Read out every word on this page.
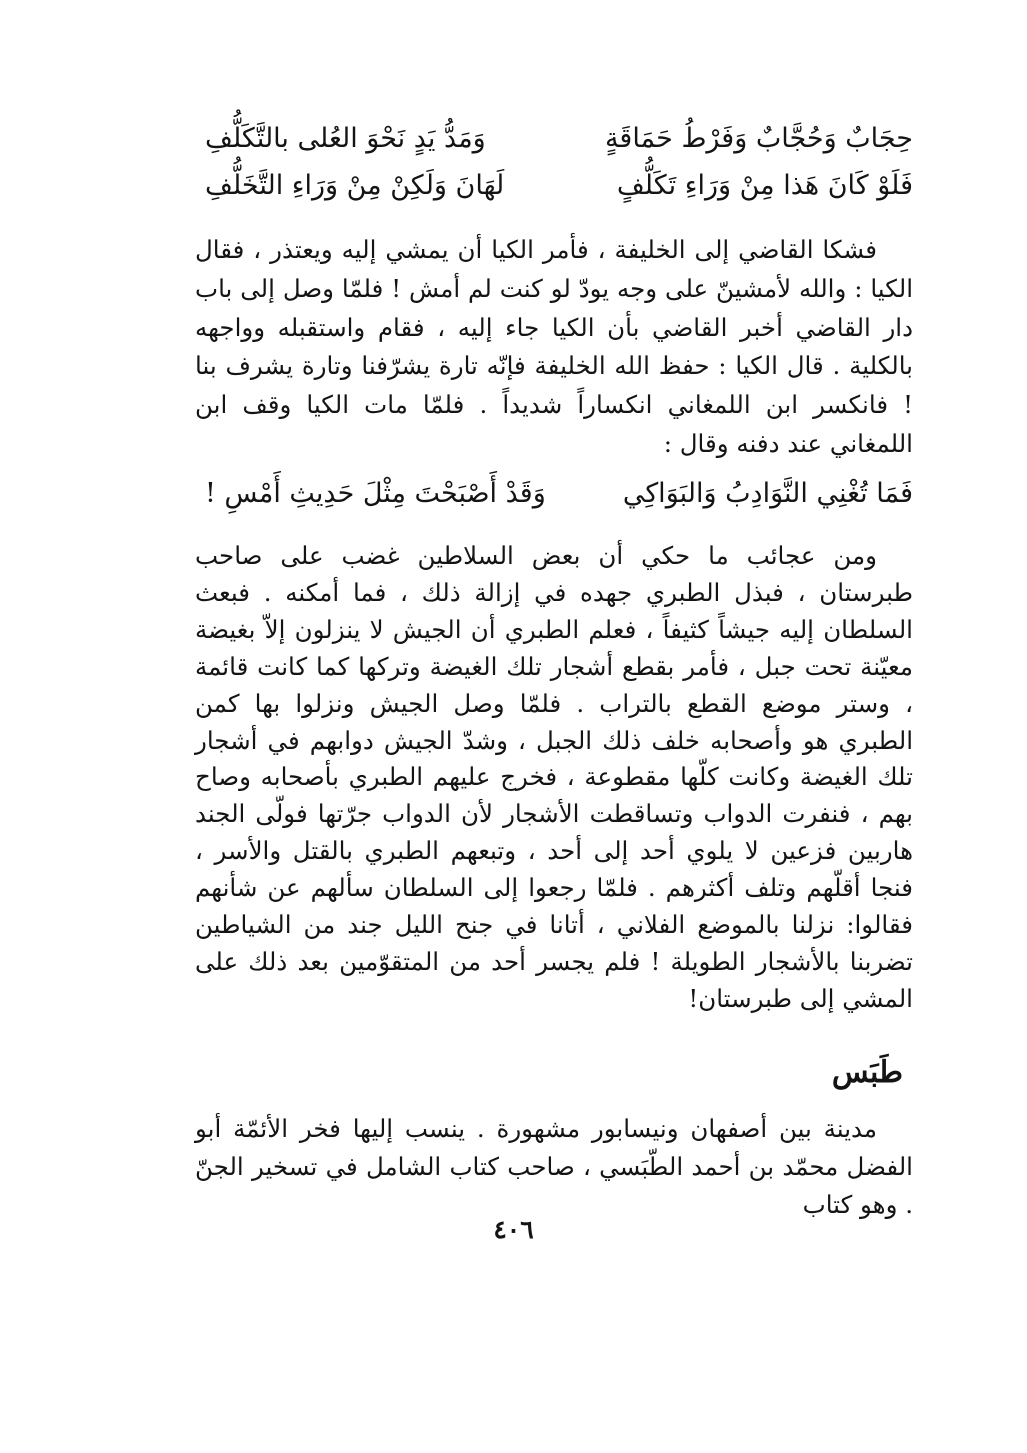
حِجَابٌ وَحُجَّابٌ وَفَرْطُ حَمَاقَةٍ
وَمَدُّ يَدٍ نَحْوَ العُلى بالتَّكَلُّفِ
فَلَوْ كَانَ هَذا مِنْ وَرَاءِ تَكَلُّفٍ
لَهَانَ وَلَكِنْ مِنْ وَرَاءِ التَّخَلُّفِ

فشكا القاضي إلى الخليفة ، فأمر الكيا أن يمشي إليه ويعتذر ، فقال الكيا : والله لأمشينّ على وجه يودّ لو كنت لم أمش ! فلمّا وصل إلى باب دار القاضي أخبر القاضي بأن الكيا جاء إليه ، فقام واستقبله وواجهه بالكلية . قال الكيا : حفظ الله الخليفة فإنّه تارة يشرّفنا وتارة يشرف بنا ! فانكسر ابن اللمغاني انكساراً شديداً . فلمّا مات الكيا وقف ابن اللمغاني عند دفنه وقال :

فَمَا تُغْنِي النَّوَادِبُ وَالبَوَاكِي
وَقَدْ أَصْبَحْتَ مِثْلَ حَدِيثِ أَمْسِ !

ومن عجائب ما حكي أن بعض السلاطين غضب على صاحب طبرستان ، فبذل الطبري جهده في إزالة ذلك ، فما أمكنه . فبعث السلطان إليه جيشاً كثيفاً ، فعلم الطبري أن الجيش لا ينزلون إلاّ بغيضة معيّنة تحت جبل ، فأمر بقطع أشجار تلك الغيضة وتركها كما كانت قائمة ، وستر موضع القطع بالتراب . فلمّا وصل الجيش ونزلوا بها كمن الطبري هو وأصحابه خلف ذلك الجبل ، وشدّ الجيش دوابهم في أشجار تلك الغيضة وكانت كلّها مقطوعة ، فخرج عليهم الطبري بأصحابه وصاح بهم ، فنفرت الدواب وتساقطت الأشجار لأن الدواب جرّتها فولّى الجند هاربين فزعين لا يلوي أحد إلى أحد ، وتبعهم الطبري بالقتل والأسر ، فنجا أقلّهم وتلف أكثرهم . فلمّا رجعوا إلى السلطان سألهم عن شأنهم فقالوا: نزلنا بالموضع الفلاني ، أتانا في جنح الليل جند من الشياطين تضربنا بالأشجار الطويلة ! فلم يجسر أحد من المتقوّمين بعد ذلك على المشي إلى طبرستان!

طَبَس

مدينة بين أصفهان ونيسابور مشهورة . ينسب إليها فخر الأئمّة أبو الفضل محمّد بن أحمد الطّبَسي ، صاحب كتاب الشامل في تسخير الجنّ . وهو كتاب

٤٠٦
